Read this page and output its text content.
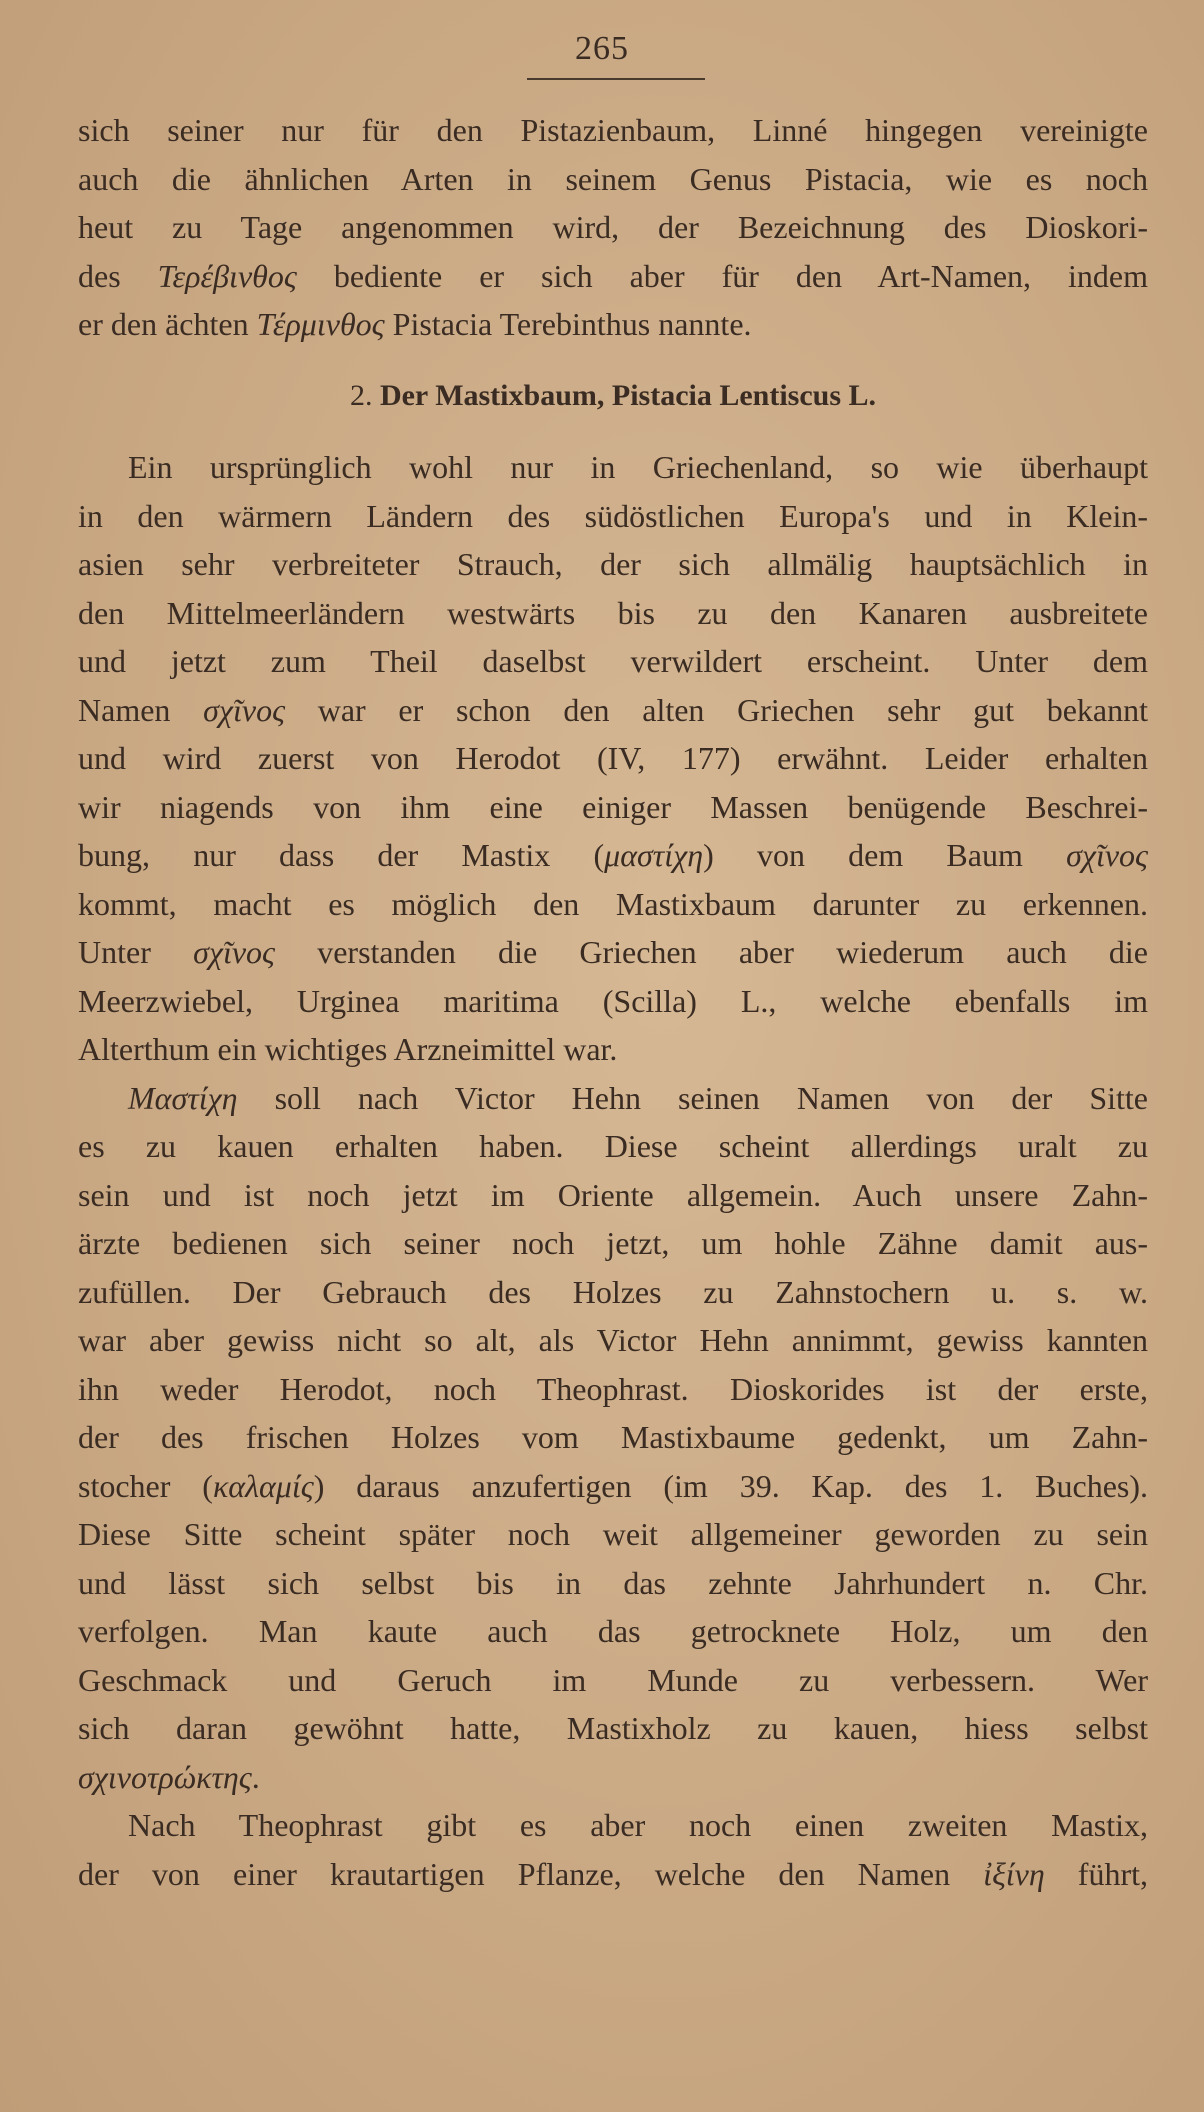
265
sich seiner nur für den Pistazienbaum, Linné hingegen vereinigte
auch die ähnlichen Arten in seinem Genus Pistacia, wie es noch
heut zu Tage angenommen wird, der Bezeichnung des Dioskori-
des Τερέβινθος bediente er sich aber für den Art-Namen, indem
er den ächten Τέρμινθος Pistacia Terebinthus nannte.
2. Der Mastixbaum, Pistacia Lentiscus L.
Ein ursprünglich wohl nur in Griechenland, so wie überhaupt
in den wärmern Ländern des südöstlichen Europa's und in Klein-
asien sehr verbreiteter Strauch, der sich allmälig hauptsächlich in
den Mittelmeerländern westwärts bis zu den Kanaren ausbreitete
und jetzt zum Theil daselbst verwildert erscheint. Unter dem
Namen σχῖνος war er schon den alten Griechen sehr gut bekannt
und wird zuerst von Herodot (IV, 177) erwähnt. Leider erhalten
wir niagends von ihm eine einiger Massen benügende Beschrei-
bung, nur dass der Mastix (μαστίχη) von dem Baum σχῖνος
kommt, macht es möglich den Mastixbaum darunter zu erkennen.
Unter σχῖνος verstanden die Griechen aber wiederum auch die
Meerzwiebel, Urginea maritima (Scilla) L., welche ebenfalls im
Alterthum ein wichtiges Arzneimittel war.
Μαστίχη soll nach Victor Hehn seinen Namen von der Sitte
es zu kauen erhalten haben. Diese scheint allerdings uralt zu
sein und ist noch jetzt im Oriente allgemein. Auch unsere Zahn-
ärzte bedienen sich seiner noch jetzt, um hohle Zähne damit aus-
zufüllen. Der Gebrauch des Holzes zu Zahnstochern u. s. w.
war aber gewiss nicht so alt, als Victor Hehn annimmt, gewiss kannten
ihn weder Herodot, noch Theophrast. Dioskorides ist der erste,
der des frischen Holzes vom Mastixbaume gedenkt, um Zahn-
stocher (καλαμίς) daraus anzufertigen (im 39. Kap. des 1. Buches).
Diese Sitte scheint später noch weit allgemeiner geworden zu sein
und lässt sich selbst bis in das zehnte Jahrhundert n. Chr.
verfolgen. Man kaute auch das getrocknete Holz, um den
Geschmack und Geruch im Munde zu verbessern. Wer
sich daran gewöhnt hatte, Mastixholz zu kauen, hiess selbst
σχινοτρώκτης.
Nach Theophrast gibt es aber noch einen zweiten Mastix,
der von einer krautartigen Pflanze, welche den Namen ἰξίνη führt,
